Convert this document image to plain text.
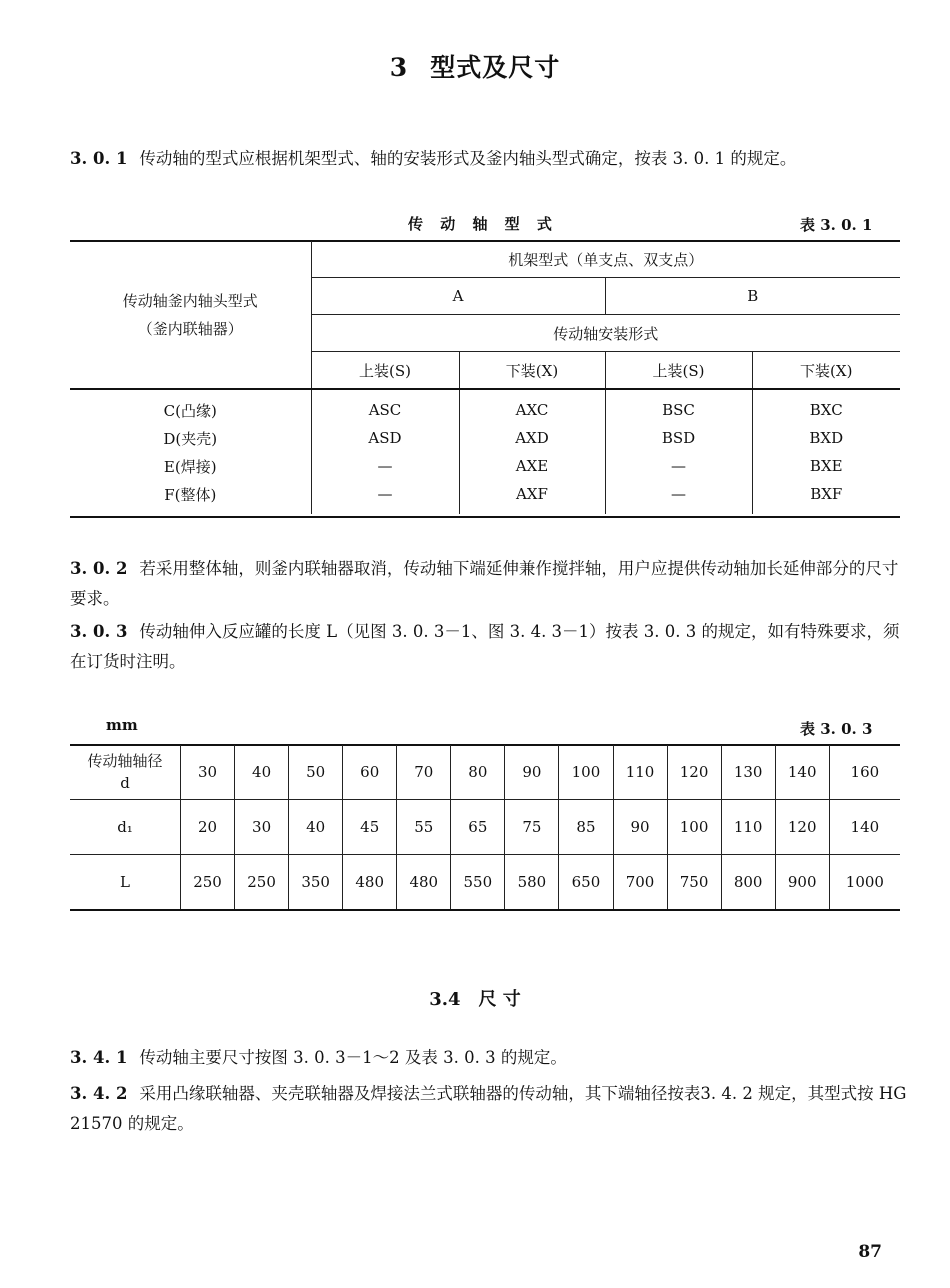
3 型式及尺寸
3. 0. 1 传动轴的型式应根据机架型式、轴的安装形式及釜内轴头型式确定，按表 3. 0. 1 的规定。
传 动 轴 型 式	表 3. 0. 1
传动轴釜内轴头型式
（釜内联轴器）	机架型式（单支点、双支点）			
	A		B	
	传动轴安装形式			
	上装(S)	下装(X)	上装(S)	下装(X)
C(凸缘)	ASC	AXC	BSC	BXC
D(夹壳)	ASD	AXD	BSD	BXD
E(焊接)	—	AXE	—	BXE
F(整体)	—	AXF	—	BXF
3. 0. 2 若采用整体轴，则釜内联轴器取消，传动轴下端延伸兼作搅拌轴，用户应提供传动轴加长延伸部分的尺寸要求。
3. 0. 3 传动轴伸入反应罐的长度 L（见图 3. 0. 3－1、图 3. 4. 3－1）按表 3. 0. 3 的规定，如有特殊要求，须在订货时注明。
mm	表 3. 0. 3
传动轴轴径
d	30	40	50	60	70	80	90	100	110	120	130	140	160
d₁	20	30	40	45	55	65	75	85	90	100	110	120	140
L	250	250	350	480	480	550	580	650	700	750	800	900	1000
3.4 尺 寸
3. 4. 1 传动轴主要尺寸按图 3. 0. 3－1～2 及表 3. 0. 3 的规定。
3. 4. 2 采用凸缘联轴器、夹壳联轴器及焊接法兰式联轴器的传动轴，其下端轴径按表3. 4. 2 规定，其型式按 HG 21570 的规定。
87
